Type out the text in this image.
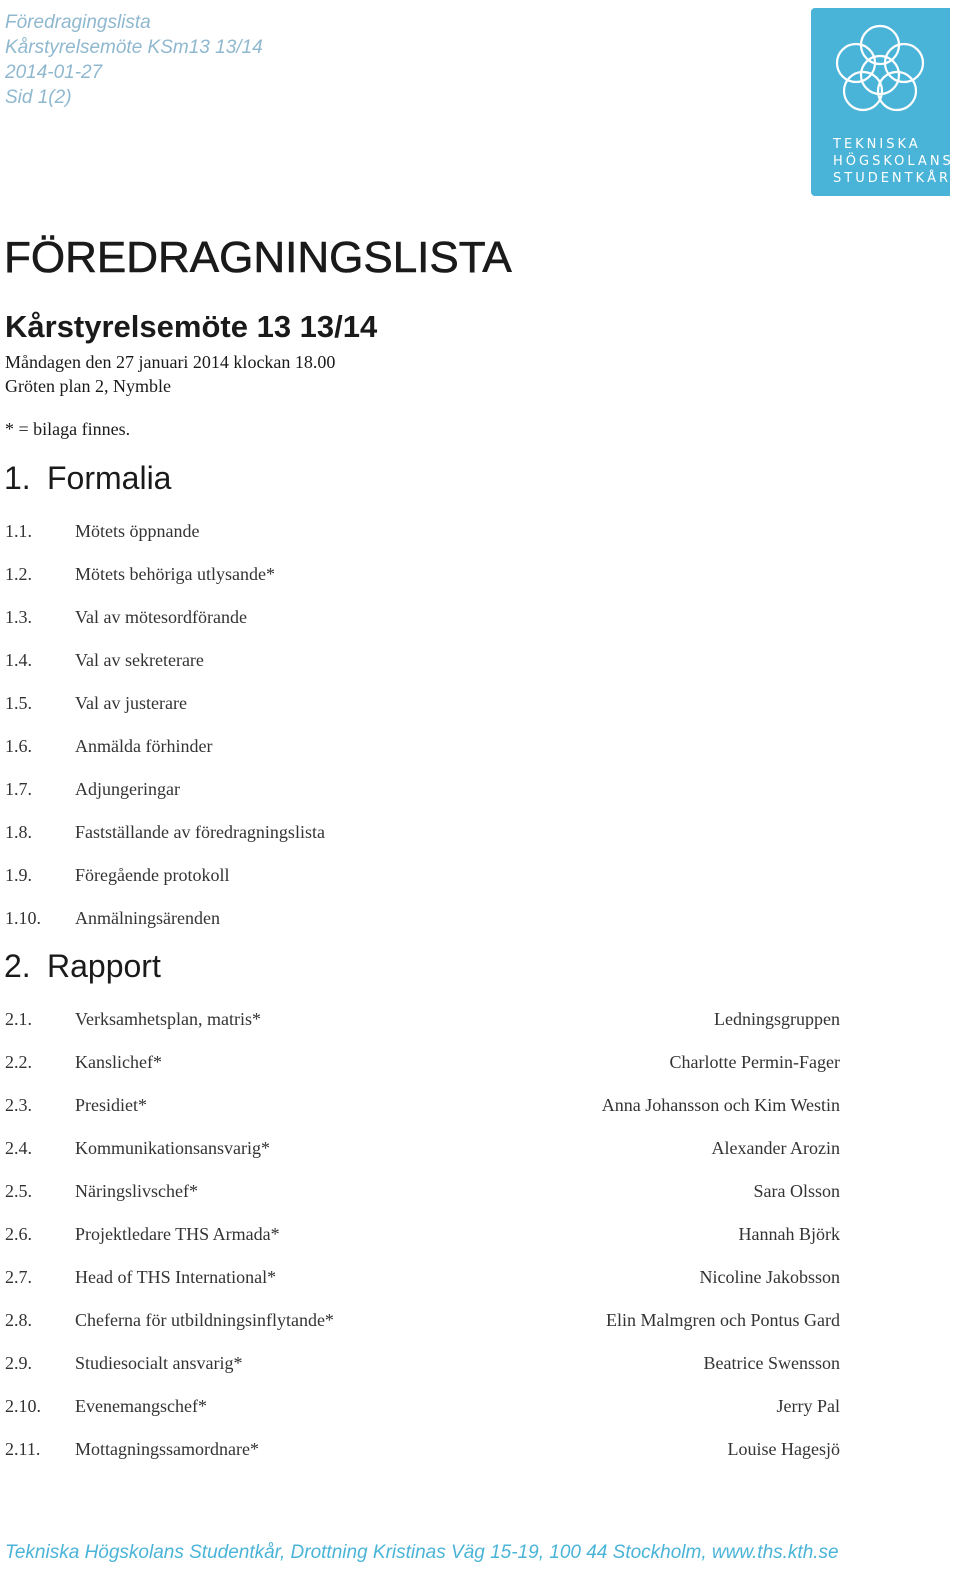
Föredragingslista
Kårstyrelsemöte KSm13 13/14
2014-01-27
Sid 1(2)
TEKNISKA
HÖGSKOLANS
STUDENTKÅR
FÖREDRAGNINGSLISTA
Kårstyrelsemöte 13 13/14
Måndagen den 27 januari 2014 klockan 18.00
Gröten plan 2, Nymble
* = bilaga finnes.
1. Formalia
1.1. Mötets öppnande
1.2. Mötets behöriga utlysande*
1.3. Val av mötesordförande
1.4. Val av sekreterare
1.5. Val av justerare
1.6. Anmälda förhinder
1.7. Adjungeringar
1.8. Fastställande av föredragningslista
1.9. Föregående protokoll
1.10. Anmälningsärenden
2. Rapport
2.1. Verksamhetsplan, matris*	Ledningsgruppen
2.2. Kanslichef*	Charlotte Permin-Fager
2.3. Presidiet*	Anna Johansson och Kim Westin
2.4. Kommunikationsansvarig*	Alexander Arozin
2.5. Näringslivschef*	Sara Olsson
2.6. Projektledare THS Armada*	Hannah Björk
2.7. Head of THS International*	Nicoline Jakobsson
2.8. Cheferna för utbildningsinflytande*	Elin Malmgren och Pontus Gard
2.9. Studiesocialt ansvarig*	Beatrice Swensson
2.10. Evenemangschef*	Jerry Pal
2.11. Mottagningssamordnare*	Louise Hagesjö
Tekniska Högskolans Studentkår, Drottning Kristinas Väg 15-19, 100 44 Stockholm, www.ths.kth.se
